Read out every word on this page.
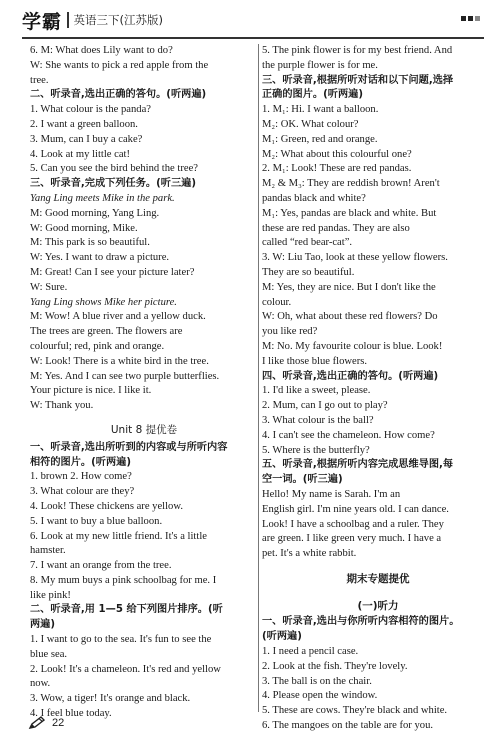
学霸 英语三下(江苏版)
6. M: What does Lily want to do?
W: She wants to pick a red apple from the
tree.
二、听录音,选出正确的答句。(听两遍)
1. What colour is the panda?
2. I want a green balloon.
3. Mum, can I buy a cake?
4. Look at my little cat!
5. Can you see the bird behind the tree?
三、听录音,完成下列任务。(听三遍)
Yang Ling meets Mike in the park.
M: Good morning, Yang Ling.
W: Good morning, Mike.
M: This park is so beautiful.
W: Yes. I want to draw a picture.
M: Great! Can I see your picture later?
W: Sure.
Yang Ling shows Mike her picture.
M: Wow! A blue river and a yellow duck.
The trees are green. The flowers are
colourful; red, pink and orange.
W: Look! There is a white bird in the tree.
M: Yes. And I can see two purple butterflies.
Your picture is nice. I like it.
W: Thank you.
Unit 8 提优卷
一、听录音,选出所听到的内容或与所听内容
相符的图片。(听两遍)
1. brown 2. How come?
3. What colour are they?
4. Look! These chickens are yellow.
5. I want to buy a blue balloon.
6. Look at my new little friend. It's a little
hamster.
7. I want an orange from the tree.
8. My mum buys a pink schoolbag for me. I
like pink!
二、听录音,用 1—5 给下列图片排序。(听
两遍)
1. I want to go to the sea. It's fun to see the
blue sea.
2. Look! It's a chameleon. It's red and yellow
now.
3. Wow, a tiger! It's orange and black.
4. I feel blue today.
5. The pink flower is for my best friend. And
the purple flower is for me.
三、听录音,根据所听对话和以下问题,选择
正确的图片。(听两遍)
1. M₁: Hi. I want a balloon.
M₂: OK. What colour?
M₁: Green, red and orange.
M₂: What about this colourful one?
2. M₁: Look! These are red pandas.
M₂ & M₃: They are reddish brown! Aren't
pandas black and white?
M₁: Yes, pandas are black and white. But
these are red pandas. They are also
called “red bear-cat”.
3. W: Liu Tao, look at these yellow flowers.
They are so beautiful.
M: Yes, they are nice. But I don't like the
colour.
W: Oh, what about these red flowers? Do
you like red?
M: No. My favourite colour is blue. Look!
I like those blue flowers.
四、听录音,选出正确的答句。(听两遍)
1. I'd like a sweet, please.
2. Mum, can I go out to play?
3. What colour is the ball?
4. I can't see the chameleon. How come?
5. Where is the butterfly?
五、听录音,根据所听内容完成思维导图,每
空一词。(听三遍)
Hello! My name is Sarah. I'm an
English girl. I'm nine years old. I can dance.
Look! I have a schoolbag and a ruler. They
are green. I like green very much. I have a
pet. It's a white rabbit.
期末专题提优
(一)听力
一、听录音,选出与你所听内容相符的图片。
(听两遍)
1. I need a pencil case.
2. Look at the fish. They're lovely.
3. The ball is on the chair.
4. Please open the window.
5. These are cows. They're black and white.
6. The mangoes on the table are for you.
22
